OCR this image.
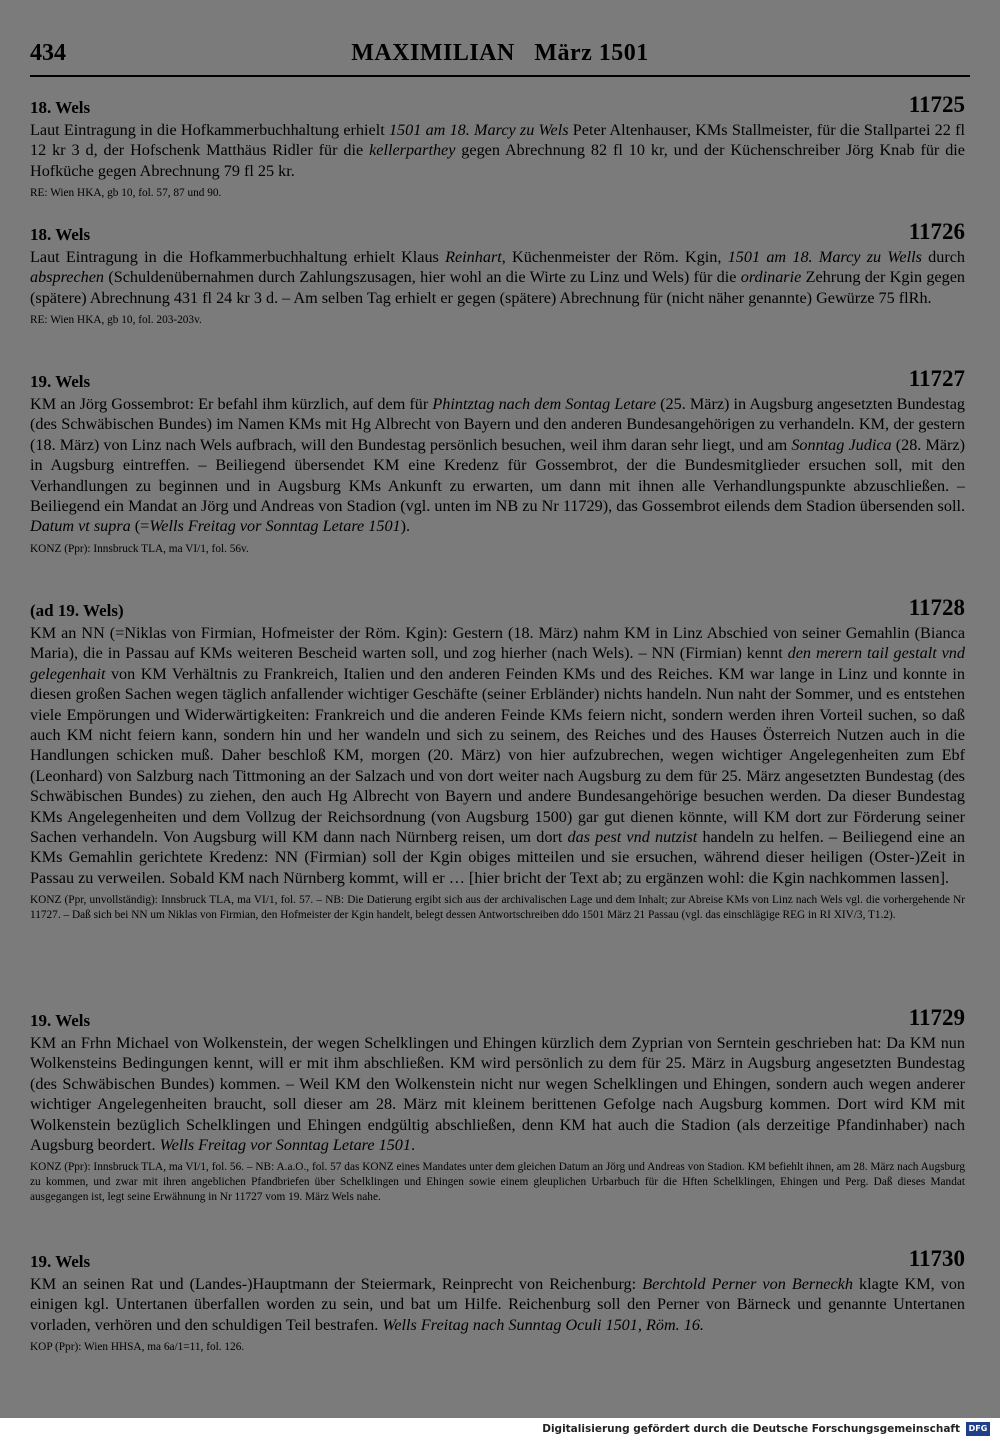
434	MAXIMILIAN   März 1501
18. Wels	11725

Laut Eintragung in die Hofkammerbuchhaltung erhielt 1501 am 18. Marcy zu Wels Peter Altenhauser, KMs Stallmeister, für die Stallpartei 22 fl 12 kr 3 d, der Hofschenk Matthäus Ridler für die kellerparthey gegen Abrechnung 82 fl 10 kr, und der Küchenschreiber Jörg Knab für die Hofküche gegen Abrechnung 79 fl 25 kr.

RE: Wien HKA, gb 10, fol. 57, 87 und 90.
18. Wels	11726

Laut Eintragung in die Hofkammerbuchhaltung erhielt Klaus Reinhart, Küchenmeister der Röm. Kgin, 1501 am 18. Marcy zu Wells durch absprechen (Schuldenübernahmen durch Zahlungszusagen, hier wohl an die Wirte zu Linz und Wels) für die ordinarie Zehrung der Kgin gegen (spätere) Abrechnung 431 fl 24 kr 3 d. – Am selben Tag erhielt er gegen (spätere) Abrechnung für (nicht näher genannte) Gewürze 75 flRh.

RE: Wien HKA, gb 10, fol. 203-203v.
19. Wels	11727

KM an Jörg Gossembrot: Er befahl ihm kürzlich, auf dem für Phintztag nach dem Sontag Letare (25. März) in Augsburg angesetzten Bundestag (des Schwäbischen Bundes) im Namen KMs mit Hg Albrecht von Bayern und den anderen Bundesangehörigen zu verhandeln. KM, der gestern (18. März) von Linz nach Wels aufbrach, will den Bundestag persönlich besuchen, weil ihm daran sehr liegt, und am Sonntag Judica (28. März) in Augsburg eintreffen. – Beiliegend übersendet KM eine Kredenz für Gossembrot, der die Bundesmitglieder ersuchen soll, mit den Verhandlungen zu beginnen und in Augsburg KMs Ankunft zu erwarten, um dann mit ihnen alle Verhandlungspunkte abzuschließen. – Beiliegend ein Mandat an Jörg und Andreas von Stadion (vgl. unten im NB zu Nr 11729), das Gossembrot eilends dem Stadion übersenden soll. Datum vt supra (=Wells Freitag vor Sonntag Letare 1501).

KONZ (Ppr): Innsbruck TLA, ma VI/1, fol. 56v.
(ad 19. Wels)	11728

KM an NN (=Niklas von Firmian, Hofmeister der Röm. Kgin): Gestern (18. März) nahm KM in Linz Abschied von seiner Gemahlin (Bianca Maria), die in Passau auf KMs weiteren Bescheid warten soll, und zog hierher (nach Wels). – NN (Firmian) kennt den merern tail gestalt vnd gelegenhait von KM Verhältnis zu Frankreich, Italien und den anderen Feinden KMs und des Reiches. KM war lange in Linz und konnte in diesen großen Sachen wegen täglich anfallender wichtiger Geschäfte (seiner Erbländer) nichts handeln. Nun naht der Sommer, und es entstehen viele Empörungen und Widerwärtigkeiten: Frankreich und die anderen Feinde KMs feiern nicht, sondern werden ihren Vorteil suchen, so daß auch KM nicht feiern kann, sondern hin und her wandeln und sich zu seinem, des Reiches und des Hauses Österreich Nutzen auch in die Handlungen schicken muß. Daher beschloß KM, morgen (20. März) von hier aufzubrechen, wegen wichtiger Angelegenheiten zum Ebf (Leonhard) von Salzburg nach Tittmoning an der Salzach und von dort weiter nach Augsburg zu dem für 25. März angesetzten Bundestag (des Schwäbischen Bundes) zu ziehen, den auch Hg Albrecht von Bayern und andere Bundesangehörige besuchen werden. Da dieser Bundestag KMs Angelegenheiten und dem Vollzug der Reichsordnung (von Augsburg 1500) gar gut dienen könnte, will KM dort zur Förderung seiner Sachen verhandeln. Von Augsburg will KM dann nach Nürnberg reisen, um dort das pest vnd nutzist handeln zu helfen. – Beiliegend eine an KMs Gemahlin gerichtete Kredenz: NN (Firmian) soll der Kgin obiges mitteilen und sie ersuchen, während dieser heiligen (Oster-)Zeit in Passau zu verweilen. Sobald KM nach Nürnberg kommt, will er … [hier bricht der Text ab; zu ergänzen wohl: die Kgin nachkommen lassen].

KONZ (Ppr, unvollständig): Innsbruck TLA, ma VI/1, fol. 57. – NB: Die Datierung ergibt sich aus der archivalischen Lage und dem Inhalt; zur Abreise KMs von Linz nach Wels vgl. die vorhergehende Nr 11727. – Daß sich bei NN um Niklas von Firmian, den Hofmeister der Kgin handelt, belegt dessen Antwortschreiben ddo 1501 März 21 Passau (vgl. das einschlägige REG in RI XIV/3, T1.2).
19. Wels	11729

KM an Frhn Michael von Wolkenstein, der wegen Schelklingen und Ehingen kürzlich dem Zyprian von Serntein geschrieben hat: Da KM nun Wolkensteins Bedingungen kennt, will er mit ihm abschließen. KM wird persönlich zu dem für 25. März in Augsburg angesetzten Bundestag (des Schwäbischen Bundes) kommen. – Weil KM den Wolkenstein nicht nur wegen Schelklingen und Ehingen, sondern auch wegen anderer wichtiger Angelegenheiten braucht, soll dieser am 28. März mit kleinem berittenen Gefolge nach Augsburg kommen. Dort wird KM mit Wolkenstein bezüglich Schelklingen und Ehingen endgültig abschließen, denn KM hat auch die Stadion (als derzeitige Pfandinhaber) nach Augsburg beordert. Wells Freitag vor Sonntag Letare 1501.

KONZ (Ppr): Innsbruck TLA, ma VI/1, fol. 56. – NB: A.a.O., fol. 57 das KONZ eines Mandates unter dem gleichen Datum an Jörg und Andreas von Stadion. KM befiehlt ihnen, am 28. März nach Augsburg zu kommen, und zwar mit ihren angeblichen Pfandbriefen über Schelklingen und Ehingen sowie einem gleuplichen Urbarbuch für die Hften Schelklingen, Ehingen und Perg. Daß dieses Mandat ausgegangen ist, legt seine Erwähnung in Nr 11727 vom 19. März Wels nahe.
19. Wels	11730

KM an seinen Rat und (Landes-)Hauptmann der Steiermark, Reinprecht von Reichenburg: Berchtold Perner von Berneckh klagte KM, von einigen kgl. Untertanen überfallen worden zu sein, und bat um Hilfe. Reichenburg soll den Perner von Bärneck und genannte Untertanen vorladen, verhören und den schuldigen Teil bestrafen. Wells Freitag nach Sunntag Oculi 1501, Röm. 16.

KOP (Ppr): Wien HHSA, ma 6a/1=11, fol. 126.
Digitalisierung gefördert durch die Deutsche Forschungsgemeinschaft	DFG
